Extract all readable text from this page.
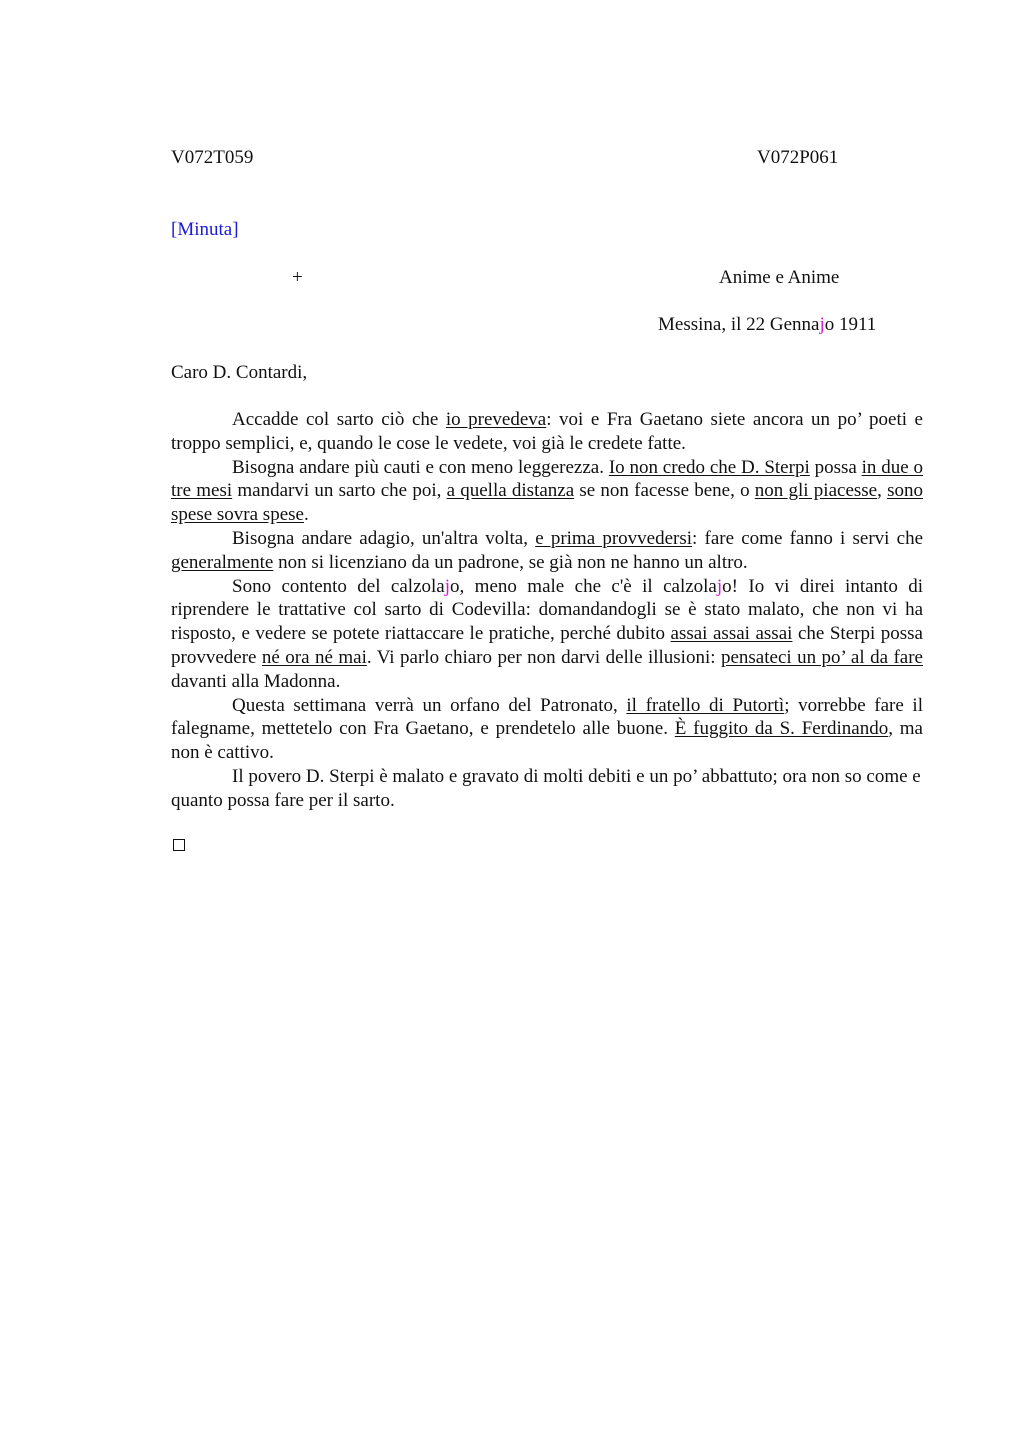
V072T059	V072P061
[Minuta]
+	Anime e Anime
Messina, il 22 Gennajo 1911
Caro D. Contardi,

Accadde col sarto ciò che io prevedeva: voi e Fra Gaetano siete ancora un po’ poeti e troppo semplici, e, quando le cose le vedete, voi già le credete fatte.

Bisogna andare più cauti e con meno leggerezza. Io non credo che D. Sterpi possa in due o tre mesi mandarvi un sarto che poi, a quella distanza se non facesse bene, o non gli piacesse, sono spese sovra spese.

Bisogna andare adagio, un'altra volta, e prima provvedersi: fare come fanno i servi che generalmente non si licenziano da un padrone, se già non ne hanno un altro.

Sono contento del calzolajo, meno male che c'è il calzolajo! Io vi direi intanto di riprendere le trattative col sarto di Codevilla: domandandogli se è stato malato, che non vi ha risposto, e vedere se potete riattaccare le pratiche, perché dubito assai assai assai che Sterpi possa provvedere né ora né mai. Vi parlo chiaro per non darvi delle illusioni: pensateci un po’ al da fare davanti alla Madonna.

Questa settimana verrà un orfano del Patronato, il fratello di Putortì; vorrebbe fare il falegname, mettetelo con Fra Gaetano, e prendetelo alle buone. È fuggito da S. Ferdinando, ma non è cattivo.

Il povero D. Sterpi è malato e gravato di molti debiti e un po’ abbattuto; ora non so come e quanto possa fare per il sarto.
